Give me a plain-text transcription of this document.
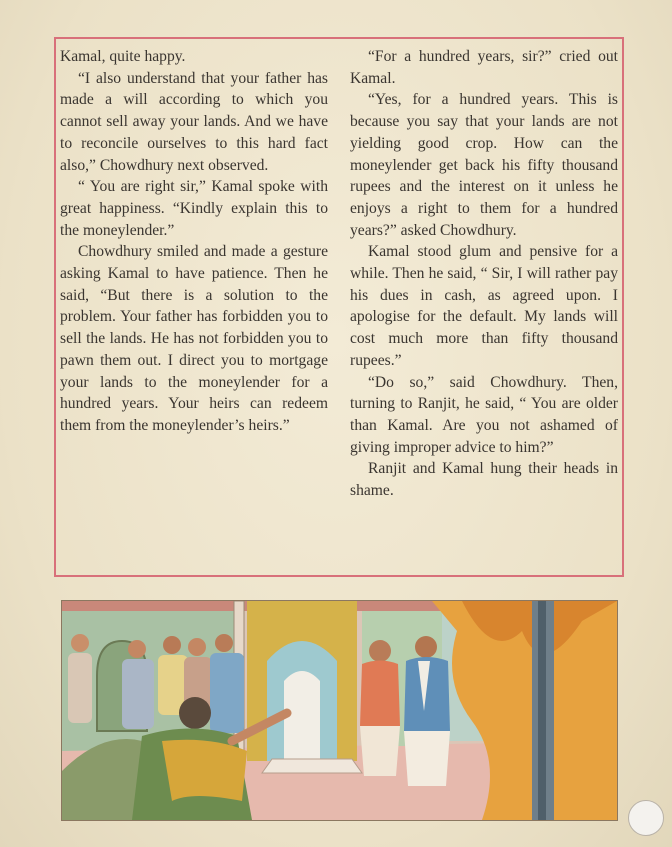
Kamal, quite happy.

“I also understand that your father has made a will according to which you cannot sell away your lands. And we have to reconcile ourselves to this hard fact also,” Chowdhury next observed.

“ You are right sir,” Kamal spoke with great happiness. “Kindly explain this to the moneylender.”

Chowdhury smiled and made a gesture asking Kamal to have patience. Then he said, “But there is a solution to the problem. Your father has forbidden you to sell the lands. He has not forbidden you to pawn them out. I direct you to mortgage your lands to the moneylender for a hundred years. Your heirs can redeem them from the moneylender’s heirs.”

“For a hundred years, sir?” cried out Kamal.

“Yes, for a hundred years. This is because you say that your lands are not yielding good crop. How can the moneylender get back his fifty thousand rupees and the interest on it unless he enjoys a right to them for a hundred years?” asked Chowdhury.

Kamal stood glum and pensive for a while. Then he said, “ Sir, I will rather pay his dues in cash, as agreed upon. I apologise for the default. My lands will cost much more than fifty thousand rupees.”

“Do so,” said Chowdhury. Then, turning to Ranjit, he said, “ You are older than Kamal. Are you not ashamed of giving improper advice to him?”

Ranjit and Kamal hung their heads in shame.
